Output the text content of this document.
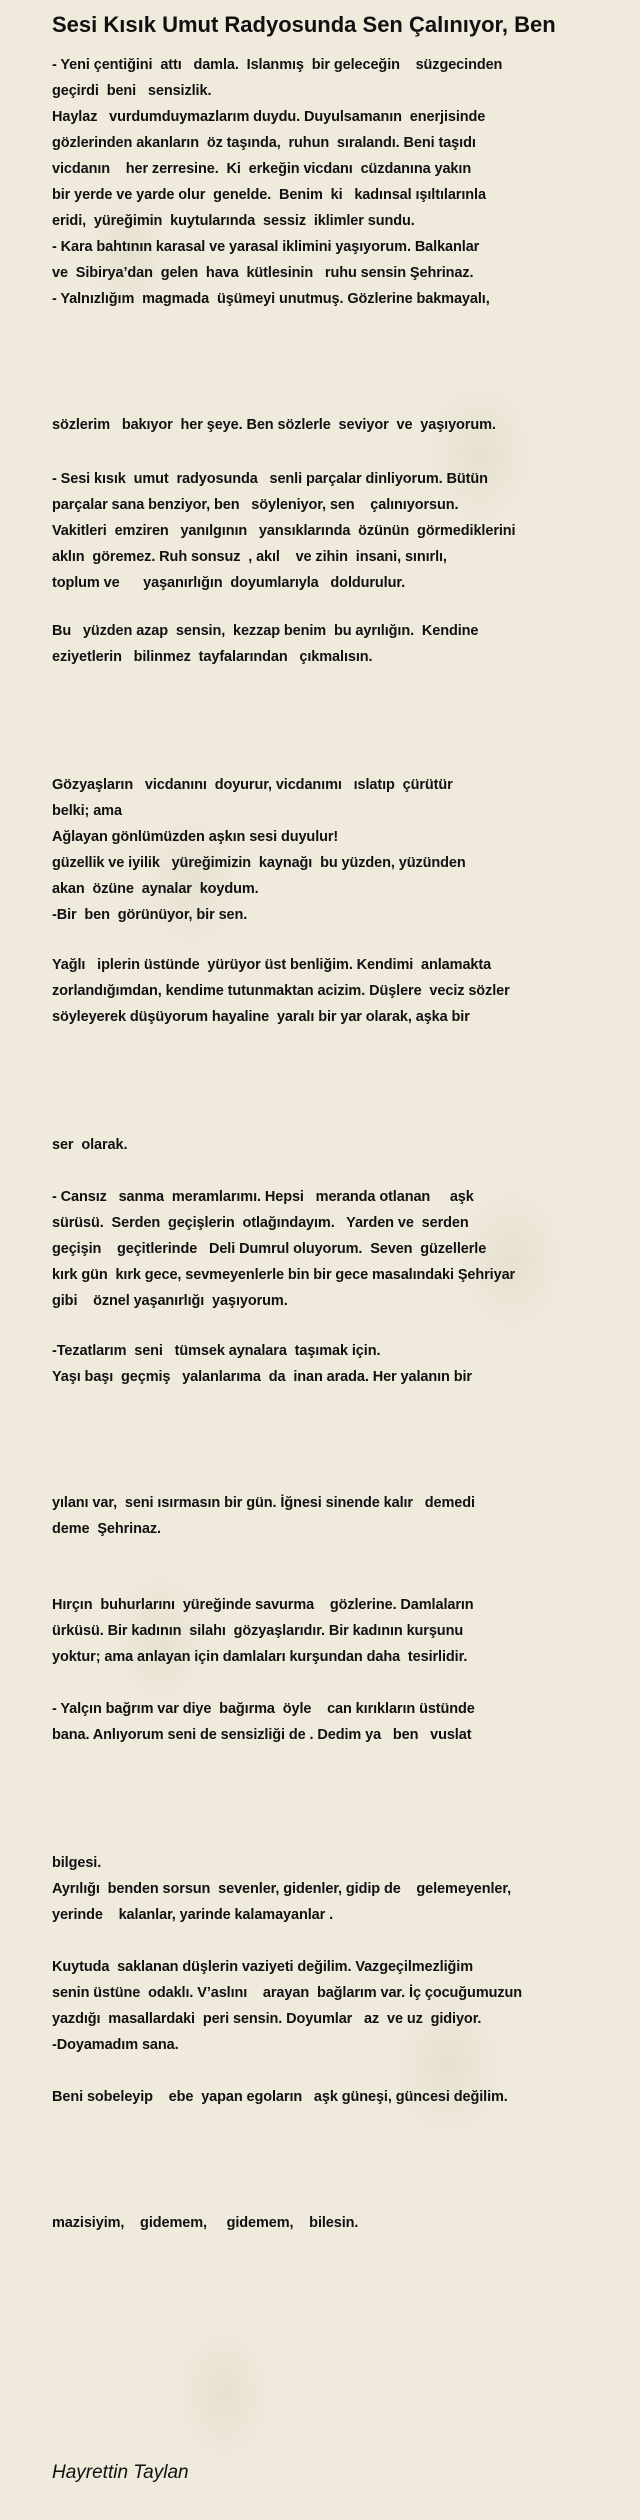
Sesi Kısık Umut Radyosunda Sen Çalınıyor, Ben
- Yeni çentiğini  attı   damla.  Islanmış  bir geleceğin    süzgecinden
geçirdi  beni   sensizlik.
Haylaz   vurdumduymazlarım duydu. Duyulsamanın  enerjisinde
gözlerinden akanların  öz taşında,  ruhun  sıralandı. Beni taşıdı
vicdanın    her zerresine.  Ki  erkeğin vicdanı  cüzdanına yakın
bir yerde ve yarde olur  genelde.  Benim  ki   kadınsal ışıltılarınla
eridi,  yüreğimin  kuytularında  sessiz  iklimler sundu.
- Kara bahtının karasal ve yarasal iklimini yaşıyorum. Balkanlar
ve  Sibirya’dan  gelen  hava  kütlesinin   ruhu sensin Şehrinaz.
- Yalnızlığım  magmada  üşümeyi unutmuş. Gözlerine bakmayalı,
sözlerim   bakıyor  her şeye. Ben sözlerle  seviyor  ve  yaşıyorum.
- Sesi kısık  umut  radyosunda   senli parçalar dinliyorum. Bütün
parçalar sana benziyor, ben   söyleniyor, sen    çalınıyorsun.
Vakitleri  emziren   yanılgının   yansıklarında  özünün  görmediklerini
aklın  göremez. Ruh sonsuz  , akıl    ve zihin  insani, sınırlı,
toplum ve      yaşanırlığın  doyumlarıyla   doldurulur.
Bu   yüzden azap  sensin,  kezzap benim  bu ayrılığın.  Kendine
eziyetlerin   bilinmez  tayfalarından   çıkmalısın.
Gözyaşların   vicdanını  doyurur, vicdanımı   ıslatıp  çürütür
belki; ama
Ağlayan gönlümüzden aşkın sesi duyulur!
güzellik ve iyilik   yüreğimizin  kaynağı  bu yüzden, yüzünden
akan  özüne  aynalar  koydum.
-Bir  ben  görünüyor, bir sen.
Yağlı   iplerin üstünde  yürüyor üst benliğim. Kendimi  anlamakta
zorlandığımdan, kendime tutunmaktan acizim. Düşlere  veciz sözler
söyleyerek düşüyorum hayaline  yaralı bir yar olarak, aşka bir
ser  olarak.
- Cansız   sanma  meramlarımı. Hepsi   meranda otlanan     aşk
sürüsü.  Serden  geçişlerin  otlağındayım.   Yarden ve  serden
geçişin    geçitlerinde   Deli Dumrul oluyorum.  Seven  güzellerle
kırk gün  kırk gece, sevmeyenlerle bin bir gece masalındaki Şehriyar
gibi    öznel yaşanırlığı  yaşıyorum.
-Tezatlarım  seni   tümsek aynalara  taşımak için.
Yaşı başı  geçmiş   yalanlarıma  da  inan arada. Her yalanın bir
yılanı var,  seni ısırmasın bir gün. İğnesi sinende kalır   demedi
deme  Şehrinaz.
Hırçın  buhurlarını  yüreğinde savurma    gözlerine. Damlaların
ürküsü. Bir kadının  silahı  gözyaşlarıdır. Bir kadının kurşunu
yoktur; ama anlayan için damlaları kurşundan daha  tesirlidir.
- Yalçın bağrım var diye  bağırma  öyle    can kırıkların üstünde
bana. Anlıyorum seni de sensizliği de . Dedim ya   ben   vuslat
bilgesi.
Ayrılığı  benden sorsun  sevenler, gidenler, gidip de    gelemeyenler,
yerinde    kalanlar, yarinde kalamayanlar .
Kuytuda  saklanan düşlerin vaziyeti değilim. Vazgeçilmezliğim
senin üstüne  odaklı. V’aslını    arayan  bağlarım var. İç çocuğumuzun
yazdığı  masallardaki  peri sensin. Doyumlar   az  ve uz  gidiyor.
-Doyamadım sana.
Beni sobeleyip    ebe  yapan egoların   aşk güneşi, güncesi değilim.
mazisiyim,    gidemem,     gidemem,    bilesin.
Hayrettin Taylan
